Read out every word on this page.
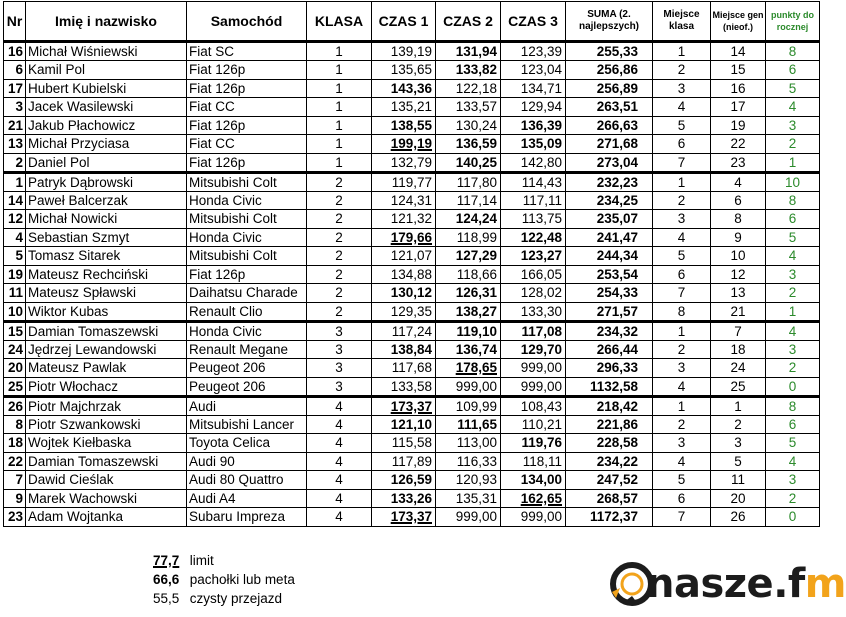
Nr	Imię i nazwisko	Samochód	KLASA	CZAS 1	CZAS 2	CZAS 3	SUMA (2. najlepszych)	Miejsce klasa	Miejsce gen (nieof.)	punkty do rocznej
16	Michał Wiśniewski	Fiat SC	1	139,19	131,94	123,39	255,33	1	14	8
6	Kamil Pol	Fiat 126p	1	135,65	133,82	123,04	256,86	2	15	6
17	Hubert Kubielski	Fiat 126p	1	143,36	122,18	134,71	256,89	3	16	5
3	Jacek Wasilewski	Fiat CC	1	135,21	133,57	129,94	263,51	4	17	4
21	Jakub Płachowicz	Fiat 126p	1	138,55	130,24	136,39	266,63	5	19	3
13	Michał Przyciasa	Fiat CC	1	199,19	136,59	135,09	271,68	6	22	2
2	Daniel Pol	Fiat 126p	1	132,79	140,25	142,80	273,04	7	23	1
1	Patryk Dąbrowski	Mitsubishi Colt	2	119,77	117,80	114,43	232,23	1	4	10
14	Paweł Balcerzak	Honda Civic	2	124,31	117,14	117,11	234,25	2	6	8
12	Michał Nowicki	Mitsubishi Colt	2	121,32	124,24	113,75	235,07	3	8	6
4	Sebastian Szmyt	Honda Civic	2	179,66	118,99	122,48	241,47	4	9	5
5	Tomasz Sitarek	Mitsubishi Colt	2	121,07	127,29	123,27	244,34	5	10	4
19	Mateusz Rechciński	Fiat 126p	2	134,88	118,66	166,05	253,54	6	12	3
11	Mateusz Spławski	Daihatsu Charade	2	130,12	126,31	128,02	254,33	7	13	2
10	Wiktor Kubas	Renault Clio	2	129,35	138,27	133,30	271,57	8	21	1
15	Damian Tomaszewski	Honda Civic	3	117,24	119,10	117,08	234,32	1	7	4
24	Jędrzej Lewandowski	Renault Megane	3	138,84	136,74	129,70	266,44	2	18	3
20	Mateusz Pawlak	Peugeot 206	3	117,68	178,65	999,00	296,33	3	24	2
25	Piotr Włochacz	Peugeot 206	3	133,58	999,00	999,00	1132,58	4	25	0
26	Piotr Majchrzak	Audi	4	173,37	109,99	108,43	218,42	1	1	8
8	Piotr Szwankowski	Mitsubishi Lancer	4	121,10	111,65	110,21	221,86	2	2	6
18	Wojtek Kiełbaska	Toyota Celica	4	115,58	113,00	119,76	228,58	3	3	5
22	Damian Tomaszewski	Audi 90	4	117,89	116,33	118,11	234,22	4	5	4
7	Dawid Cieślak	Audi 80 Quattro	4	126,59	120,93	134,00	247,52	5	11	3
9	Marek Wachowski	Audi A4	4	133,26	135,31	162,65	268,57	6	20	2
23	Adam Wojtanka	Subaru Impreza	4	173,37	999,00	999,00	1172,37	7	26	0
77,7 limit
66,6 pachołki lub meta
55,5 czysty przejazd	nasze.fm
